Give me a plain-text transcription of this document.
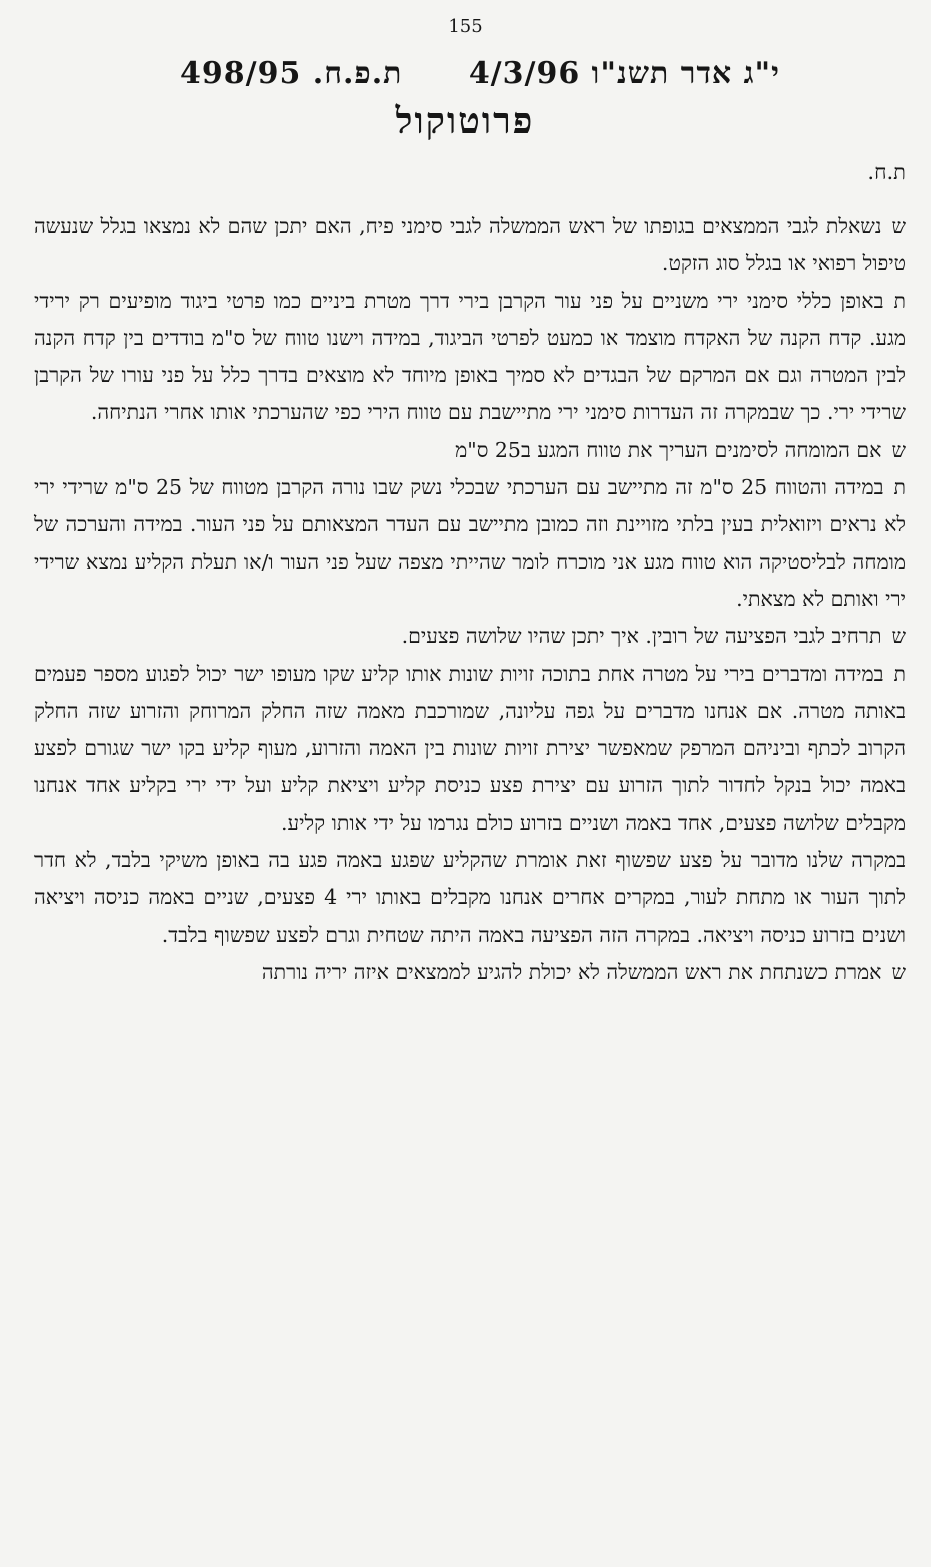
155
י"ג אדר תשנ"ו 4/3/96
ת.פ.ח. 498/95
פרוטוקול
ת.ח.

שנשאלת לגבי הממצאים בגופתו של ראש הממשלה לגבי סימני פיח, האם יתכן שהם לא נמצאו בגלל שנעשה טיפול רפואי או בגלל סוג הזקט.

תבאופן כללי סימני ירי משניים על פני עור הקרבן בירי דרך מטרת ביניים כמו פרטי ביגוד מופיעים רק ירידי מגע. קדח הקנה של האקדח מוצמד או כמעט לפרטי הביגוד, במידה וישנו טווח של ס"מ בודדים בין קדח הקנה לבין המטרה וגם אם המרקם של הבגדים לא סמיך באופן מיוחד לא מוצאים בדרך כלל על פני עורו של הקרבן שרידי ירי. כך שבמקרה זה העדרות סימני ירי מתיישבת עם טווח הירי כפי שהערכתי אותו אחרי הנתיחה.

שאם המומחה לסימנים העריך את טווח המגע ב25 ס"מ

תבמידה והטווח 25 ס"מ זה מתיישב עם הערכתי שבכלי נשק שבו נורה הקרבן מטווח של 25 ס"מ שרידי ירי לא נראים ויזואלית בעין בלתי מזויינת וזה כמובן מתיישב עם העדר המצאותם על פני העור. במידה והערכה של מומחה לבליסטיקה הוא טווח מגע אני מוכרח לומר שהייתי מצפה שעל פני העור ו/או תעלת הקליע נמצא שרידי ירי ואותם לא מצאתי.

שתרחיב לגבי הפציעה של רובין. איך יתכן שהיו שלושה פצעים.

תבמידה ומדברים בירי על מטרה אחת בתוכה זויות שונות אותו קליע שקו מעופו ישר יכול לפגוע מספר פעמים באותה מטרה. אם אנחנו מדברים על גפה עליונה, שמורכבת מאמה שזה החלק המרוחק והזרוע שזה החלק הקרוב לכתף וביניהם המרפק שמאפשר יצירת זויות שונות בין האמה והזרוע, מעוף קליע בקו ישר שגורם לפצע באמה יכול בנקל לחדור לתוך הזרוע עם יצירת פצע כניסת קליע ויציאת קליע ועל ידי ירי בקליע אחד אנחנו מקבלים שלושה פצעים, אחד באמה ושניים בזרוע כולם נגרמו על ידי אותו קליע.

במקרה שלנו מדובר על פצע שפשוף זאת אומרת שהקליע שפגע באמה פגע בה באופן משיקי בלבד, לא חדר לתוך העור או מתחת לעור, במקרים אחרים אנחנו מקבלים באותו ירי 4 פצעים, שניים באמה כניסה ויציאה ושנים בזרוע כניסה ויציאה. במקרה הזה הפציעה באמה היתה שטחית וגרם לפצע שפשוף בלבד.

שאמרת כשנתחת את ראש הממשלה לא יכולת להגיע לממצאים איזה יריה נורתה
